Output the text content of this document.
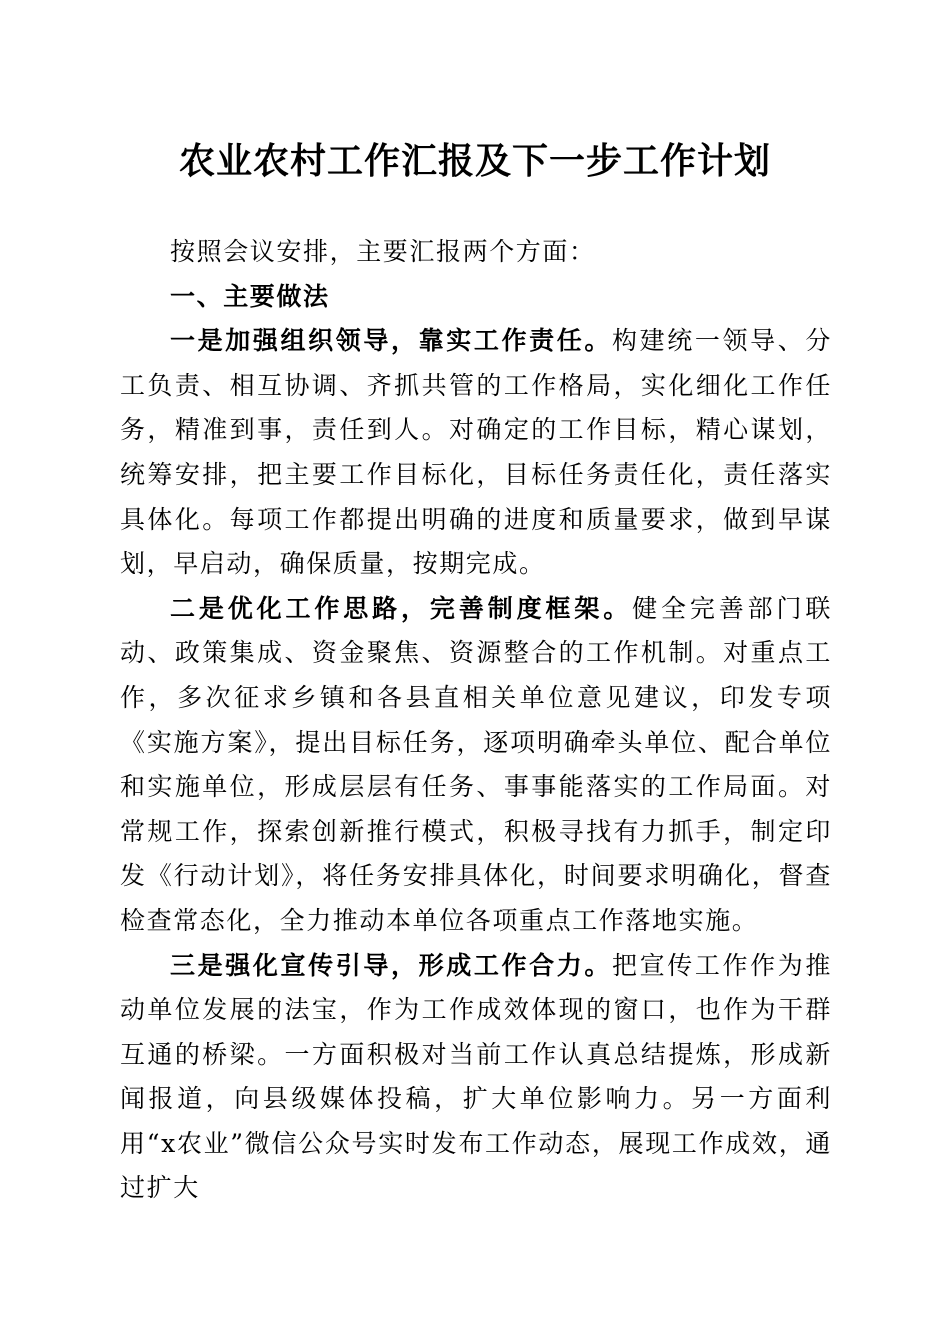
农业农村工作汇报及下一步工作计划

按照会议安排，主要汇报两个方面：

一、主要做法

一是加强组织领导，靠实工作责任。构建统一领导、分工负责、相互协调、齐抓共管的工作格局，实化细化工作任务，精准到事，责任到人。对确定的工作目标，精心谋划，统筹安排，把主要工作目标化，目标任务责任化，责任落实具体化。每项工作都提出明确的进度和质量要求，做到早谋划，早启动，确保质量，按期完成。

二是优化工作思路，完善制度框架。健全完善部门联动、政策集成、资金聚焦、资源整合的工作机制。对重点工作，多次征求乡镇和各县直相关单位意见建议，印发专项《实施方案》，提出目标任务，逐项明确牵头单位、配合单位和实施单位，形成层层有任务、事事能落实的工作局面。对常规工作，探索创新推行模式，积极寻找有力抓手，制定印发《行动计划》，将任务安排具体化，时间要求明确化，督查检查常态化，全力推动本单位各项重点工作落地实施。

三是强化宣传引导，形成工作合力。把宣传工作作为推动单位发展的法宝，作为工作成效体现的窗口，也作为干群互通的桥梁。一方面积极对当前工作认真总结提炼，形成新闻报道，向县级媒体投稿，扩大单位影响力。另一方面利用“x农业”微信公众号实时发布工作动态，展现工作成效，通过扩大
